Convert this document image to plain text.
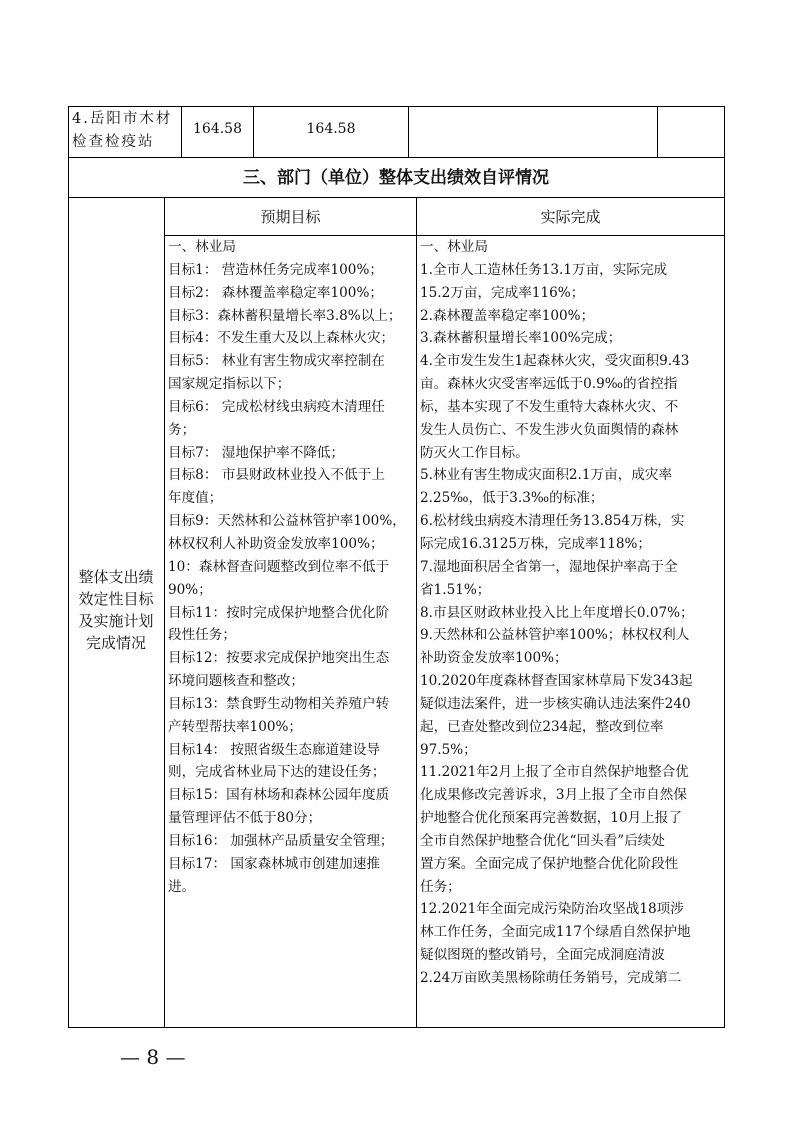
4.岳阳市木材
检查检疫站
164.58	164.58
三、部门（单位）整体支出绩效自评情况
预期目标	实际完成
整体支出绩
效定性目标
及实施计划
完成情况
一、林业局
目标1： 营造林任务完成率100%；
目标2： 森林覆盖率稳定率100%；
目标3：森林蓄积量增长率3.8%以上；
目标4：不发生重大及以上森林火灾；
目标5： 林业有害生物成灾率控制在
国家规定指标以下；
目标6： 完成松材线虫病疫木清理任
务；
目标7： 湿地保护率不降低；
目标8： 市县财政林业投入不低于上
年度值；
目标9：天然林和公益林管护率100%，
林权权利人补助资金发放率100%；
10：森林督查问题整改到位率不低于
90%；
目标11：按时完成保护地整合优化阶
段性任务；
目标12：按要求完成保护地突出生态
环境问题核查和整改；
目标13：禁食野生动物相关养殖户转
产转型帮扶率100%；
目标14： 按照省级生态廊道建设导
则，完成省林业局下达的建设任务；
目标15：国有林场和森林公园年度质
量管理评估不低于80分；
目标16： 加强林产品质量安全管理；
目标17： 国家森林城市创建加速推
进。
一、林业局
1.全市人工造林任务13.1万亩，实际完成
15.2万亩，完成率116%；
2.森林覆盖率稳定率100%；
3.森林蓄积量增长率100%完成；
4.全市发生发生1起森林火灾，受灾面积9.43
亩。森林火灾受害率远低于0.9‰的省控指
标，基本实现了不发生重特大森林火灾、不
发生人员伤亡、不发生涉火负面舆情的森林
防灭火工作目标。
5.林业有害生物成灾面积2.1万亩，成灾率
2.25‰，低于3.3‰的标准；
6.松材线虫病疫木清理任务13.854万株，实
际完成16.3125万株，完成率118%；
7.湿地面积居全省第一，湿地保护率高于全
省1.51%；
8.市县区财政林业投入比上年度增长0.07%；
9.天然林和公益林管护率100%；林权权利人
补助资金发放率100%；
10.2020年度森林督查国家林草局下发343起
疑似违法案件，进一步核实确认违法案件240
起，已查处整改到位234起，整改到位率
97.5%；
11.2021年2月上报了全市自然保护地整合优
化成果修改完善诉求，3月上报了全市自然保
护地整合优化预案再完善数据，10月上报了
全市自然保护地整合优化“回头看”后续处
置方案。全面完成了保护地整合优化阶段性
任务；
12.2021年全面完成污染防治攻坚战18项涉
林工作任务，全面完成117个绿盾自然保护地
疑似图斑的整改销号，全面完成洞庭清波
2.24万亩欧美黑杨除萌任务销号，完成第二
— 8 —
